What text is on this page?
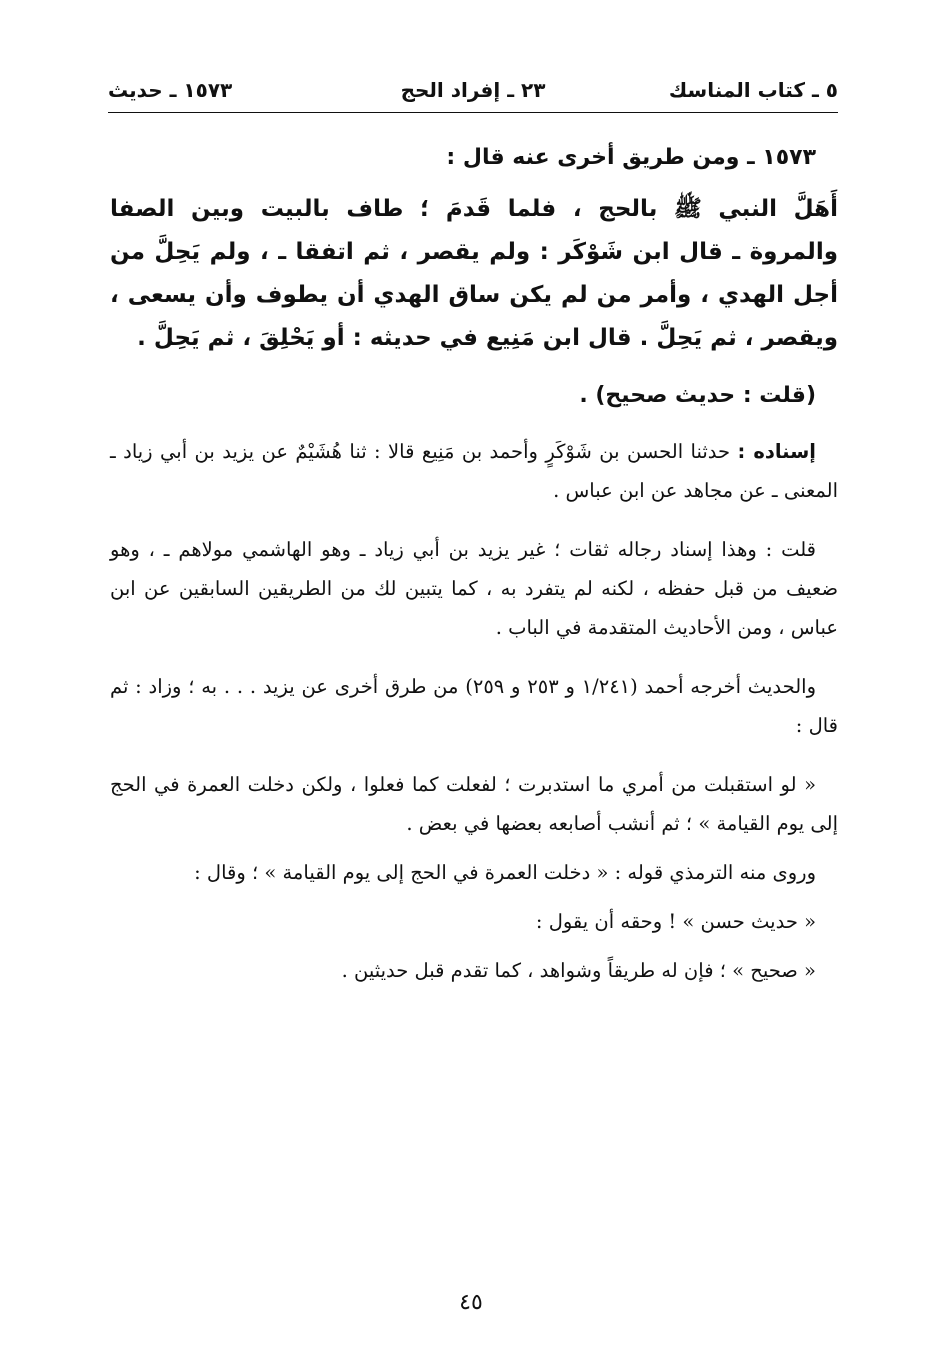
٥ ـ كتاب المناسك
٢٣ ـ إفراد الحج
١٥٧٣ ـ حديث

١٥٧٣ ـ ومن طريق أخرى عنه قال :

أَهَلَّ النبي ﷺ بالحج ، فلما قَدمَ ؛ طاف بالبيت وبين الصفا والمروة ـ قال ابن شَوْكَر : ولم يقصر ، ثم اتفقا ـ ، ولم يَحِلَّ من أجل الهدي ، وأمر من لم يكن ساق الهدي أن يطوف وأن يسعى ، ويقصر ، ثم يَحِلَّ . قال ابن مَنِيع في حديثه : أو يَحْلِقَ ، ثم يَحِلَّ .

(قلت : حديث صحيح) .

إسناده : حدثنا الحسن بن شَوْكَرٍ وأحمد بن مَنِيع قالا : ثنا هُشَيْمٌ عن يزيد بن أبي زياد ـ المعنى ـ عن مجاهد عن ابن عباس .

قلت : وهذا إسناد رجاله ثقات ؛ غير يزيد بن أبي زياد ـ وهو الهاشمي مولاهم ـ ، وهو ضعيف من قبل حفظه ، لكنه لم يتفرد به ، كما يتبين لك من الطريقين السابقين عن ابن عباس ، ومن الأحاديث المتقدمة في الباب .

والحديث أخرجه أحمد (١/٢٤١ و ٢٥٣ و ٢٥٩) من طرق أخرى عن يزيد . . . به ؛ وزاد : ثم قال :

« لو استقبلت من أمري ما استدبرت ؛ لفعلت كما فعلوا ، ولكن دخلت العمرة في الحج إلى يوم القيامة » ؛ ثم أنشب أصابعه بعضها في بعض .

وروى منه الترمذي قوله : « دخلت العمرة في الحج إلى يوم القيامة » ؛ وقال :

« حديث حسن » ! وحقه أن يقول :

« صحيح » ؛ فإن له طريقاً وشواهد ، كما تقدم قبل حديثين .

٤٥
